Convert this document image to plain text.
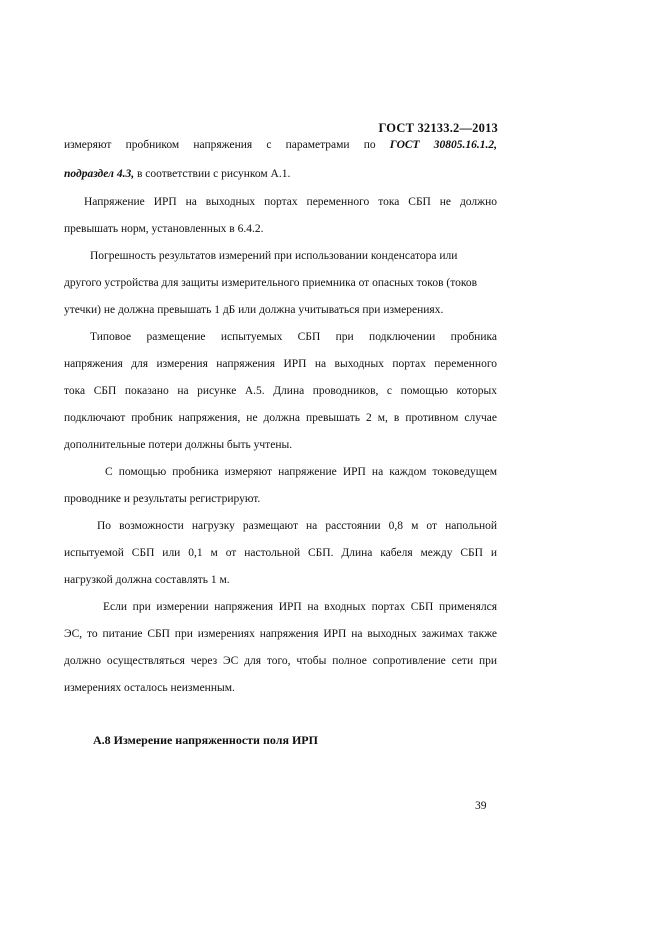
ГОСТ 32133.2—2013
измеряют пробником напряжения с параметрами по ГОСТ 30805.16.1.2,
подраздел 4.3, в соответствии с рисунком А.1.
Напряжение ИРП на выходных портах переменного тока СБП не должно
превышать норм, установленных в 6.4.2.
Погрешность результатов измерений при использовании конденсатора или
другого устройства для защиты измерительного приемника от опасных токов (токов
утечки) не должна превышать 1 дБ или должна учитываться при измерениях.
Типовое размещение испытуемых СБП при подключении пробника
напряжения для измерения напряжения ИРП на выходных портах переменного
тока СБП показано на рисунке А.5. Длина проводников, с помощью которых
подключают пробник напряжения, не должна превышать 2 м, в противном случае
дополнительные потери должны быть учтены.
С помощью пробника измеряют напряжение ИРП на каждом токоведущем
проводнике и результаты регистрируют.
По возможности нагрузку размещают на расстоянии 0,8 м от напольной
испытуемой СБП или 0,1 м от настольной СБП. Длина кабеля между СБП и
нагрузкой должна составлять 1 м.
Если при измерении напряжения ИРП на входных портах СБП применялся
ЭС, то питание СБП при измерениях напряжения ИРП на выходных зажимах также
должно осуществляться через ЭС для того, чтобы полное сопротивление сети при
измерениях осталось неизменным.
А.8 Измерение напряженности поля ИРП
39
